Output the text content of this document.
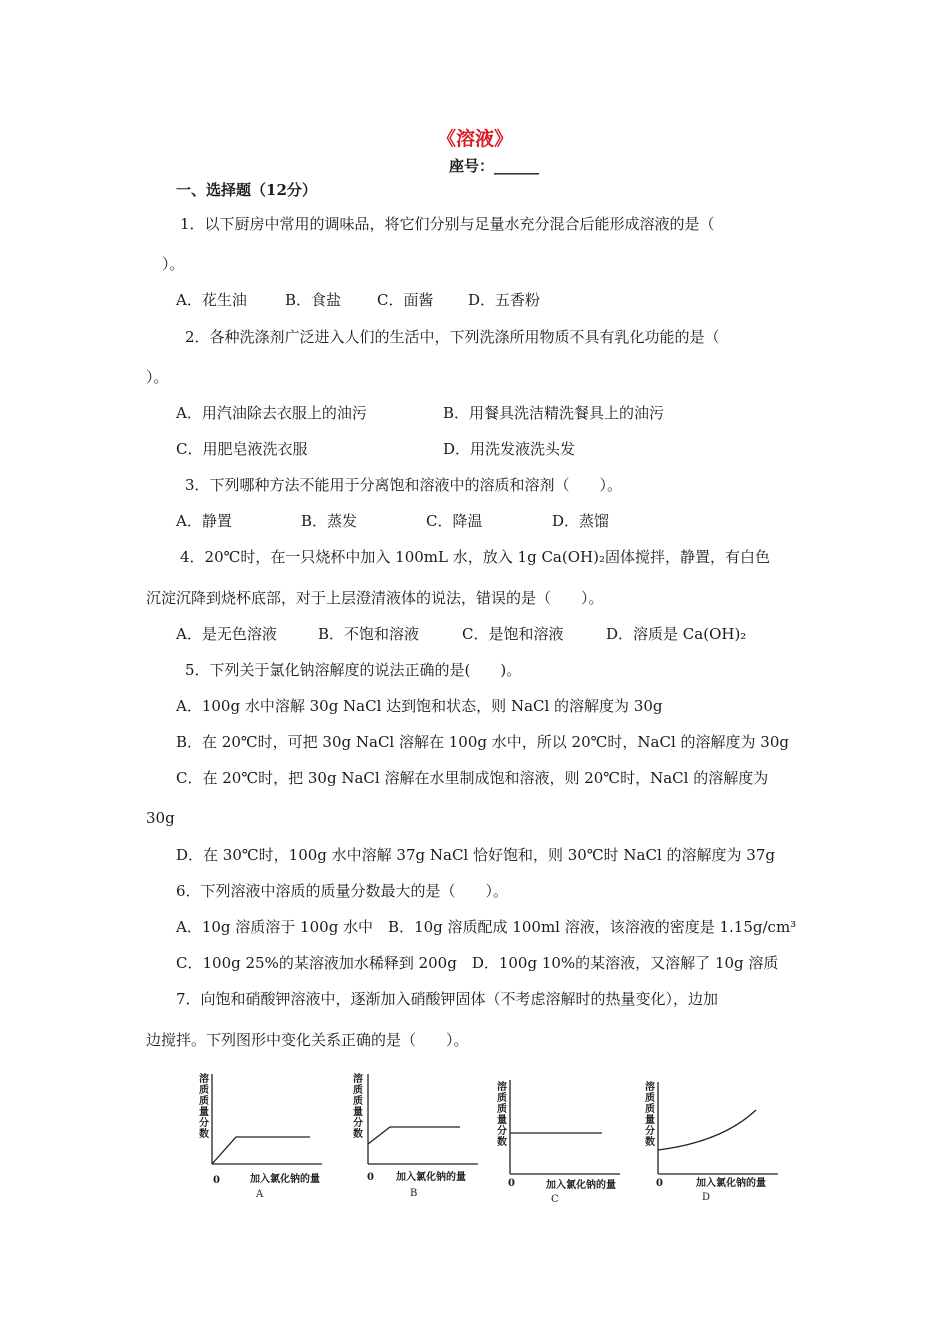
《溶液》
座号：______
一、选择题（12分）
1．以下厨房中常用的调味品，将它们分别与足量水充分混合后能形成溶液的是（
）。
A．花生油	B．食盐 C．面酱 D．五香粉
2．各种洗涤剂广泛进入人们的生活中，下列洗涤所用物质不具有乳化功能的是（
）。
A．用汽油除去衣服上的油污	B．用餐具洗洁精洗餐具上的油污
C．用肥皂液洗衣服	D．用洗发液洗头发
3．下列哪种方法不能用于分离饱和溶液中的溶质和溶剂（　　）。
A．静置	B．蒸发	C．降温	D．蒸馏
4．20℃时，在一只烧杯中加入 100mL 水，放入 1g Ca(OH)₂固体搅拌，静置，有白色
沉淀沉降到烧杯底部，对于上层澄清液体的说法，错误的是（　　）。
A．是无色溶液	B．不饱和溶液	C．是饱和溶液	D．溶质是 Ca(OH)₂
5．下列关于氯化钠溶解度的说法正确的是(　　)。
A．100g 水中溶解 30g NaCl 达到饱和状态，则 NaCl 的溶解度为 30g
B．在 20℃时，可把 30g NaCl 溶解在 100g 水中，所以 20℃时，NaCl 的溶解度为 30g
C．在 20℃时，把 30g NaCl 溶解在水里制成饱和溶液，则 20℃时，NaCl 的溶解度为
30g
D．在 30℃时，100g 水中溶解 37g NaCl 恰好饱和，则 30℃时 NaCl 的溶解度为 37g
6．下列溶液中溶质的质量分数最大的是（　　）。
A．10g 溶质溶于 100g 水中　B．10g 溶质配成 100ml 溶液，该溶液的密度是 1.15g/cm³
C．100g 25%的某溶液加水稀释到 200g　D．100g 10%的某溶液，又溶解了 10g 溶质
7．向饱和硝酸钾溶液中，逐渐加入硝酸钾固体（不考虑溶解时的热量变化），边加
边搅拌。下列图形中变化关系正确的是（　　）。
溶质质量分数
0	加入氯化钠的量
A
溶质质量分数
0 加入氯化钠的量
B
溶质质量分数
0	加入氯化钠的量
C
溶质质量分数
0	加入氯化钠的量
D
